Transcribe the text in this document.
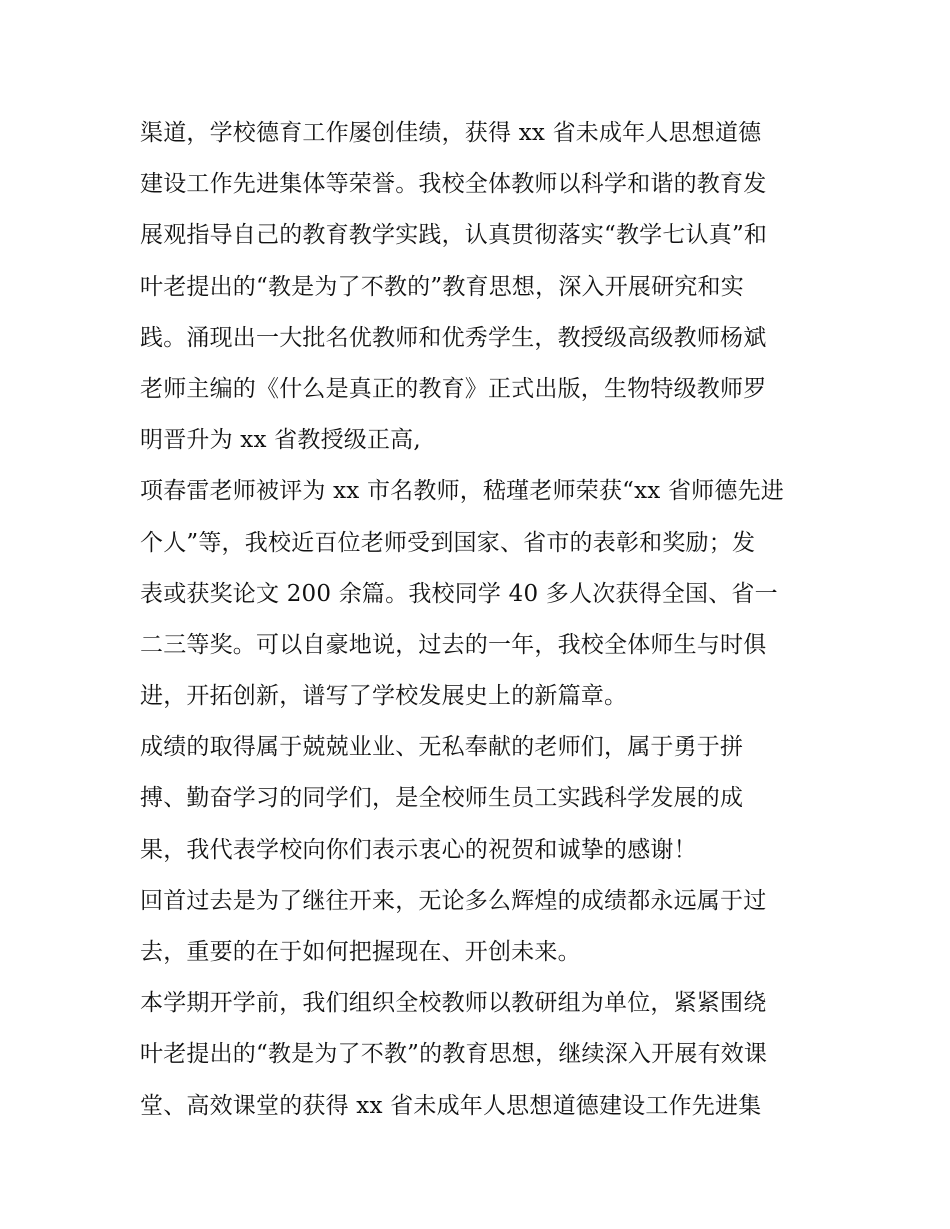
渠道，学校德育工作屡创佳绩，获得 xx 省未成年人思想道德
建设工作先进集体等荣誉。我校全体教师以科学和谐的教育发
展观指导自己的教育教学实践，认真贯彻落实“教学七认真”和
叶老提出的“教是为了不教的”教育思想，深入开展研究和实
践。涌现出一大批名优教师和优秀学生，教授级高级教师杨斌
老师主编的《什么是真正的教育》正式出版，生物特级教师罗
明晋升为 xx 省教授级正高,
项春雷老师被评为 xx 市名教师，嵇瑾老师荣获“xx 省师德先进
个人”等，我校近百位老师受到国家、省市的表彰和奖励；发
表或获奖论文 200 余篇。我校同学 40 多人次获得全国、省一
二三等奖。可以自豪地说，过去的一年，我校全体师生与时俱
进，开拓创新，谱写了学校发展史上的新篇章。
成绩的取得属于兢兢业业、无私奉献的老师们，属于勇于拼
搏、勤奋学习的同学们，是全校师生员工实践科学发展的成
果，我代表学校向你们表示衷心的祝贺和诚挚的感谢！
回首过去是为了继往开来，无论多么辉煌的成绩都永远属于过
去，重要的在于如何把握现在、开创未来。
本学期开学前，我们组织全校教师以教研组为单位，紧紧围绕
叶老提出的“教是为了不教”的教育思想，继续深入开展有效课
堂、高效课堂的获得 xx 省未成年人思想道德建设工作先进集
